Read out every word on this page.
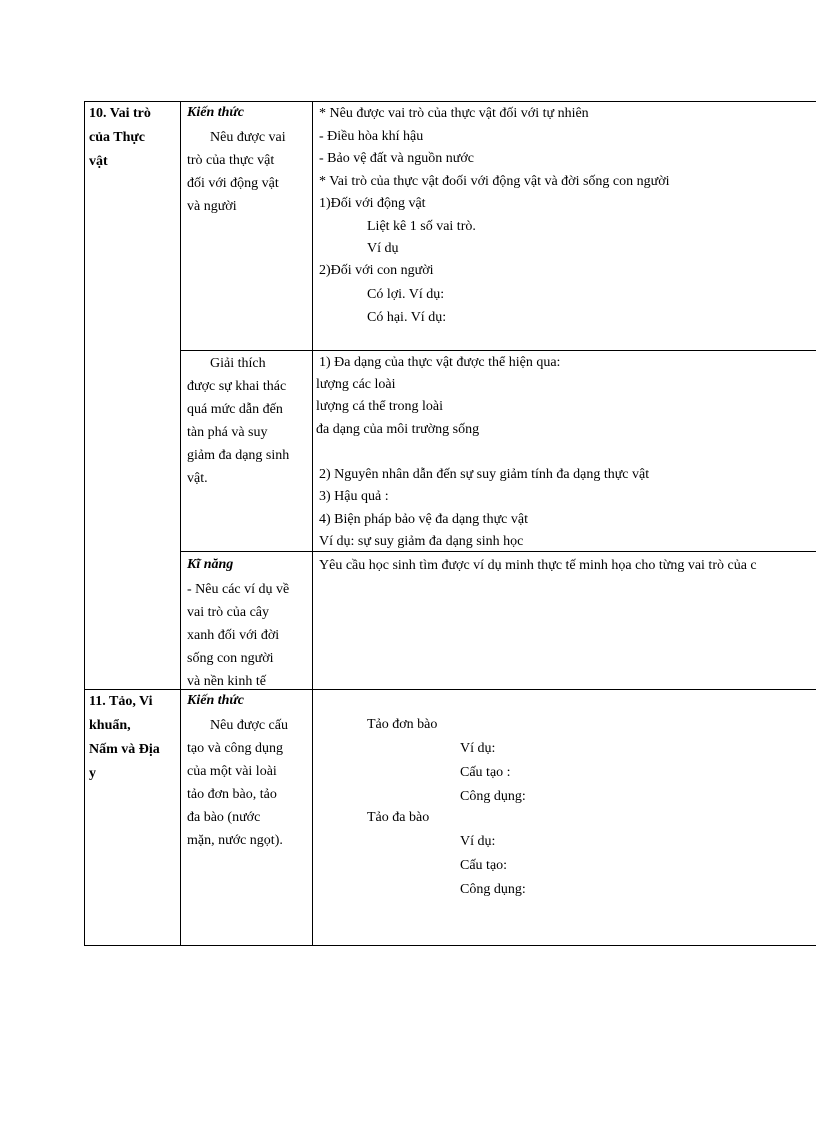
10. Vai trò
của Thực
vật
Kiến thức
Nêu được vai
trò của thực vật
đối với động vật
và người
* Nêu được vai trò của thực vật đối với tự nhiên
- Điều hòa khí hậu
- Bảo vệ đất và nguồn nước
* Vai trò của thực vật đoối với động vật và đời sống con người
1)Đối với động vật
Liệt kê 1 số vai trò.
Ví dụ
2)Đối với con người
Có lợi. Ví dụ:
Có hại. Ví dụ:
Giải thích
được sự khai thác
quá mức dẫn đến
tàn phá và suy
giảm đa dạng sinh
vật.
1) Đa dạng của thực vật được thể hiện qua:
lượng các loài
lượng cá thể trong loài
đa dạng của môi trường sống
2) Nguyên nhân dẫn đến sự suy giảm tính đa dạng thực vật
3) Hậu quả :
4) Biện pháp bảo vệ đa dạng thực vật
Ví dụ: sự suy giảm đa dạng sinh học
Kĩ năng
- Nêu các ví dụ về
vai trò của cây
xanh đối với đời
sống con người
và nền kinh tế
Yêu cầu học sinh tìm được ví dụ minh thực tế minh họa cho từng vai trò của c
11. Tảo, Vi
khuẩn,
Nấm và Địa
y
Kiến thức
Nêu được cấu
tạo và công dụng
của một vài loài
tảo đơn bào, tảo
đa bào (nước
mặn, nước ngọt).
Tảo đơn bào
Ví dụ:
Cấu tạo :
Công dụng:
Tảo đa bào
Ví dụ:
Cấu tạo:
Công dụng:
